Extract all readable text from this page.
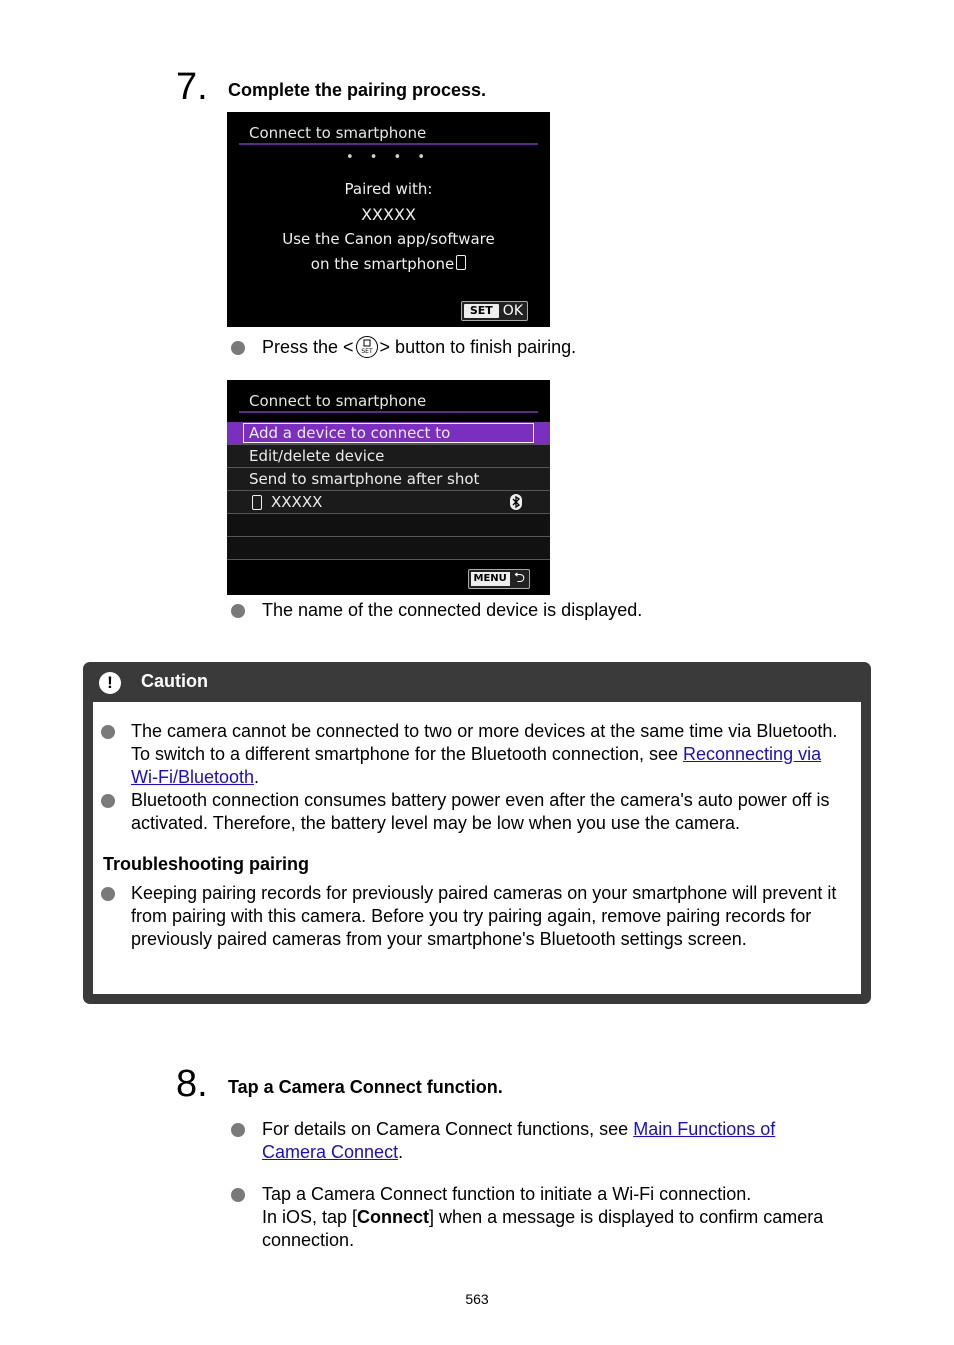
7. Complete the pairing process.
Connect to smartphone
• • • •
Paired with:
XXXXX
Use the Canon app/software
on the smartphone
SET OK
Press the < SET > button to finish pairing.
Connect to smartphone
Add a device to connect to
Edit/delete device
Send to smartphone after shot
XXXXX
MENU ⮌
The name of the connected device is displayed.
!	Caution
The camera cannot be connected to two or more devices at the same time via Bluetooth. To switch to a different smartphone for the Bluetooth connection, see Reconnecting via Wi-Fi/Bluetooth.
Bluetooth connection consumes battery power even after the camera's auto power off is activated. Therefore, the battery level may be low when you use the camera.
Troubleshooting pairing
Keeping pairing records for previously paired cameras on your smartphone will prevent it from pairing with this camera. Before you try pairing again, remove pairing records for previously paired cameras from your smartphone's Bluetooth settings screen.
8. Tap a Camera Connect function.
For details on Camera Connect functions, see Main Functions of Camera Connect.
Tap a Camera Connect function to initiate a Wi-Fi connection.
In iOS, tap [Connect] when a message is displayed to confirm camera connection.
563
